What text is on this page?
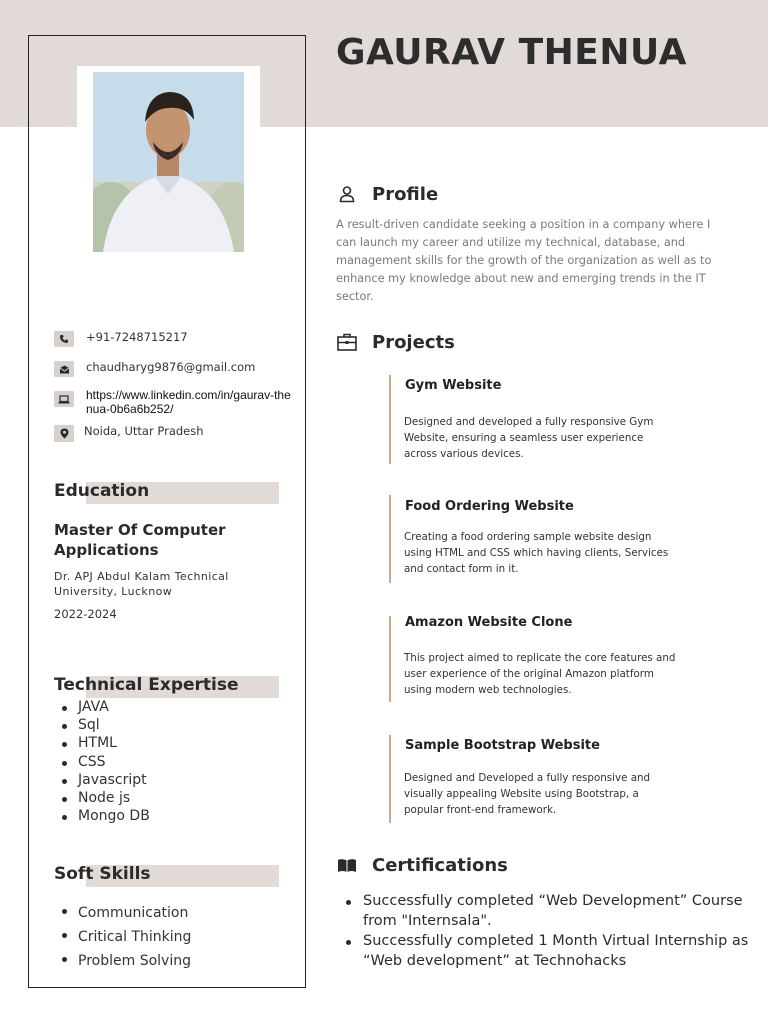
GAURAV THENUA
+91-7248715217
chaudharyg9876@gmail.com
https://www.linkedin.com/in/gaurav-thenua-0b6a6b252/
Noida, Uttar Pradesh
Education
Master Of Computer Applications
Dr. APJ Abdul Kalam Technical University, Lucknow
2022-2024
Technical Expertise
JAVA
Sql
HTML
CSS
Javascript
Node js
Mongo DB
Soft Skills
Communication
Critical Thinking
Problem Solving
Profile

A result-driven candidate seeking a position in a company where I can launch my career and utilize my technical, database, and management skills for the growth of the organization as well as to enhance my knowledge about new and emerging trends in the IT sector.

Projects
Gym Website

Designed and developed a fully responsive Gym Website, ensuring a seamless user experience across various devices.

Food Ordering Website

Creating a food ordering sample website design using HTML and CSS which having clients, Services and contact form in it.

Amazon Website Clone

This project aimed to replicate the core features and user experience of the original Amazon platform using modern web technologies.

Sample Bootstrap Website

Designed and Developed a fully responsive and visually appealing Website using Bootstrap, a popular front-end framework.

Certifications
Successfully completed “Web Development” Course from "Internsala".
Successfully completed 1 Month Virtual Internship as “Web development” at Technohacks
